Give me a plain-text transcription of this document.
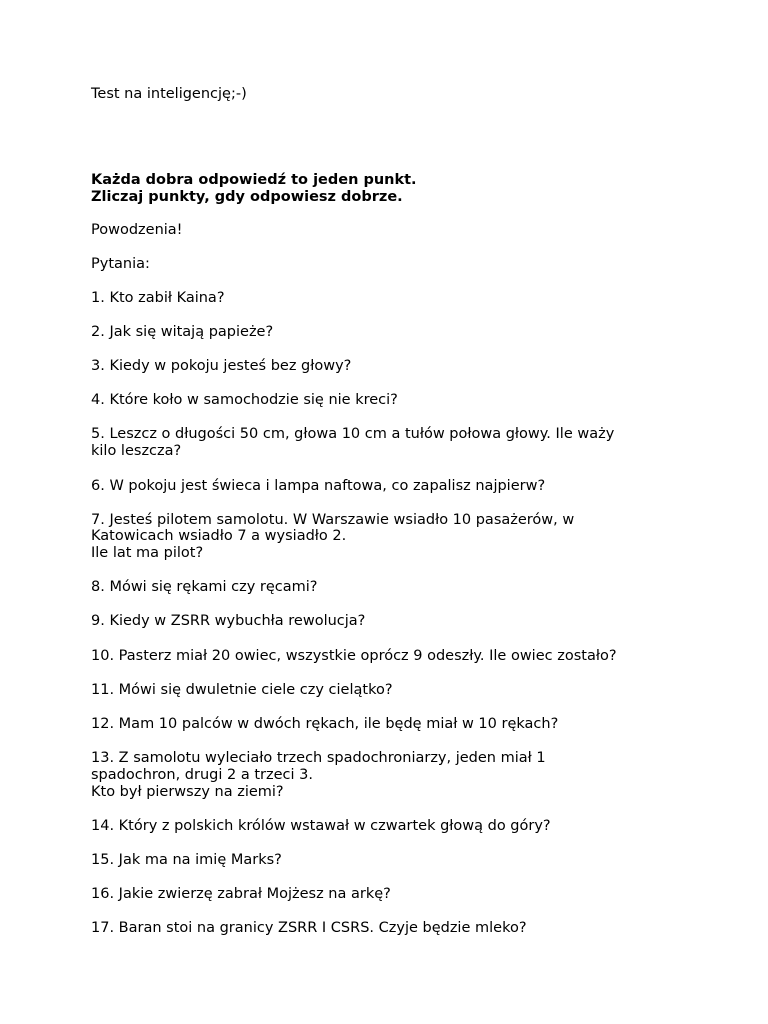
Test na inteligencję;-)
Każda dobra odpowiedź to jeden punkt.
Zliczaj punkty, gdy odpowiesz dobrze.
Powodzenia!
Pytania:
1. Kto zabił Kaina?
2. Jak się witają papieże?
3. Kiedy w pokoju jesteś bez głowy?
4. Które koło w samochodzie się nie kreci?
5. Leszcz o długości 50 cm, głowa 10 cm a tułów połowa głowy. Ile waży
kilo leszcza?
6. W pokoju jest świeca i lampa naftowa, co zapalisz najpierw?
7. Jesteś pilotem samolotu. W Warszawie wsiadło 10 pasażerów, w
Katowicach wsiadło 7 a wysiadło 2.
Ile lat ma pilot?
8. Mówi się rękami czy ręcami?
9. Kiedy w ZSRR wybuchła rewolucja?
10. Pasterz miał 20 owiec, wszystkie oprócz 9 odeszły. Ile owiec zostało?
11. Mówi się dwuletnie ciele czy cielątko?
12. Mam 10 palców w dwóch rękach, ile będę miał w 10 rękach?
13. Z samolotu wyleciało trzech spadochroniarzy, jeden miał 1
spadochron, drugi 2 a trzeci 3.
Kto był pierwszy na ziemi?
14. Który z polskich królów wstawał w czwartek głową do góry?
15. Jak ma na imię Marks?
16. Jakie zwierzę zabrał Mojżesz na arkę?
17. Baran stoi na granicy ZSRR I CSRS. Czyje będzie mleko?
